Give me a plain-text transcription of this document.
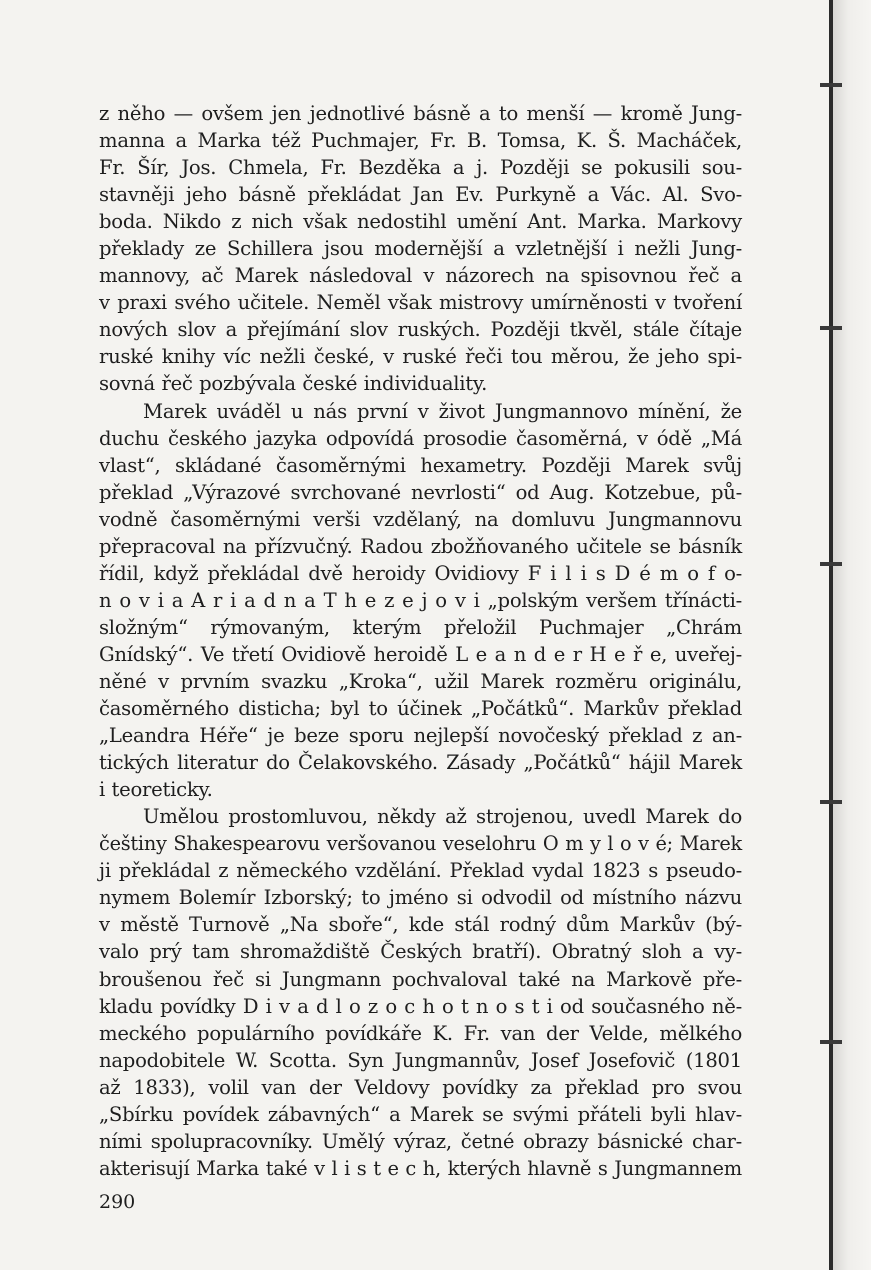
z něho — ovšem jen jednotlivé básně a to menší — kromě Jung-
manna a Marka též Puchmajer, Fr. B. Tomsa, K. Š. Macháček,
Fr. Šír, Jos. Chmela, Fr. Bezděka a j. Později se pokusili sou-
stavněji jeho básně překládat Jan Ev. Purkyně a Vác. Al. Svo-
boda. Nikdo z nich však nedostihl umění Ant. Marka. Markovy
překlady ze Schillera jsou modernější a vzletnější i nežli Jung-
mannovy, ač Marek následoval v názorech na spisovnou řeč a
v praxi svého učitele. Neměl však mistrovy umírněnosti v tvoření
nových slov a přejímání slov ruských. Později tkvěl, stále čítaje
ruské knihy víc nežli české, v ruské řeči tou měrou, že jeho spi-
sovná řeč pozbývala české individuality.
Marek uváděl u nás první v život Jungmannovo mínění, že
duchu českého jazyka odpovídá prosodie časoměrná, v ódě „Má
vlast“, skládané časoměrnými hexametry. Později Marek svůj
překlad „Výrazové svrchované nevrlosti“ od Aug. Kotzebue, pů-
vodně časoměrnými verši vzdělaný, na domluvu Jungmannovu
přepracoval na přízvučný. Radou zbožňovaného učitele se básník
řídil, když překládal dvě heroidy Ovidiovy F i l i s D é m o f o-
n o v i a A r i a d n a T h e z e j o v i „polským veršem třínácti-
složným“ rýmovaným, kterým přeložil Puchmajer „Chrám
Gnídský“. Ve třetí Ovidiově heroidě L e a n d e r H e ř e, uveřej-
něné v prvním svazku „Kroka“, užil Marek rozměru originálu,
časoměrného disticha; byl to účinek „Počátků“. Markův překlad
„Leandra Héře“ je beze sporu nejlepší novočeský překlad z an-
tických literatur do Čelakovského. Zásady „Počátků“ hájil Marek
i teoreticky.
Umělou prostomluvou, někdy až strojenou, uvedl Marek do
češtiny Shakespearovu veršovanou veselohru O m y l o v é; Marek
ji překládal z německého vzdělání. Překlad vydal 1823 s pseudo-
nymem Bolemír Izborský; to jméno si odvodil od místního názvu
v městě Turnově „Na sboře“, kde stál rodný dům Markův (bý-
valo prý tam shromaždiště Českých bratří). Obratný sloh a vy-
broušenou řeč si Jungmann pochvaloval také na Markově pře-
kladu povídky D i v a d l o z o c h o t n o s t i od současného ně-
meckého populárního povídkáře K. Fr. van der Velde, mělkého
napodobitele W. Scotta. Syn Jungmannův, Josef Josefovič (1801
až 1833), volil van der Veldovy povídky za překlad pro svou
„Sbírku povídek zábavných“ a Marek se svými přáteli byli hlav-
ními spolupracovníky. Umělý výraz, četné obrazy básnické char-
akterisují Marka také v l i s t e c h, kterých hlavně s Jungmannem
290
